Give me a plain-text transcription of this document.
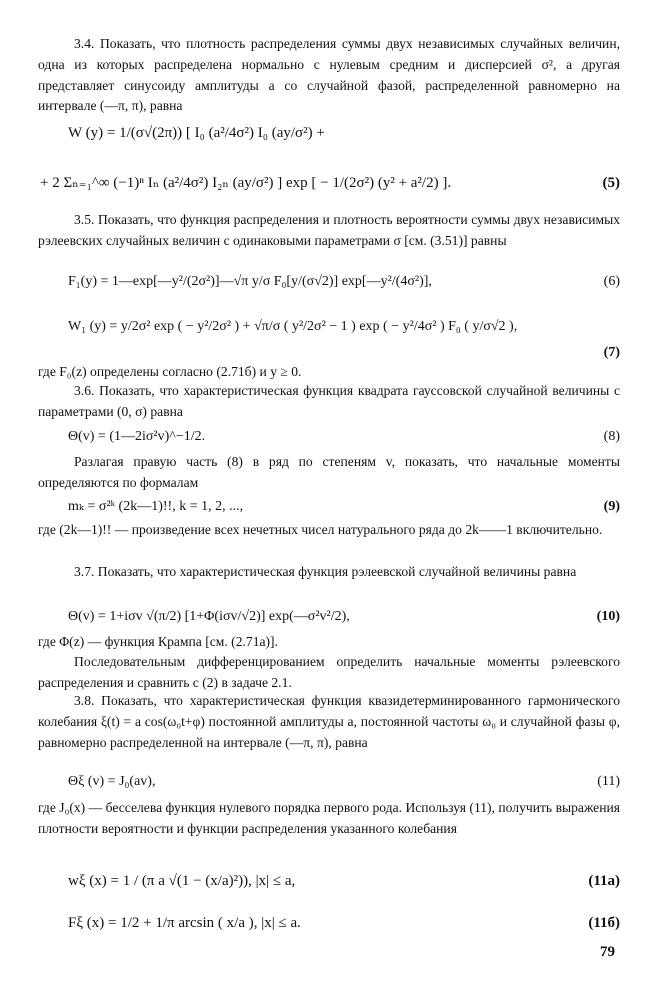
3.4. Показать, что плотность распределения суммы двух независимых случайных величин, одна из которых распределена нормально с нулевым средним и дисперсией σ², а другая представляет синусоиду амплитуды a со случайной фазой, распределенной равномерно на интервале (—π, π), равна
W (y) = 1/(σ√(2π)) [ I₀ (a²/4σ²) I₀ (ay/σ²) +
+ 2 Σₙ₌₁^∞ (−1)ⁿ Iₙ (a²/4σ²) I₂ₙ (ay/σ²) ] exp [ − 1/(2σ²) (y² + a²/2) ].	(5)
3.5. Показать, что функция распределения и плотность вероятности суммы двух независимых рэлеевских случайных величин с одинаковыми параметрами σ [см. (3.51)] равны
F₁(y) = 1—exp[—y²/(2σ²)]—√π y/σ F₀[y/(σ√2)] exp[—y²/(4σ²)],	(6)
W₁ (y) = y/2σ² exp ( − y²/2σ² ) + √π/σ ( y²/2σ² − 1 ) exp ( − y²/4σ² ) F₀ ( y/σ√2 ),
(7)
где F₀(z) определены согласно (2.71б) и y ≥ 0.
3.6. Показать, что характеристическая функция квадрата гауссовской случайной величины с параметрами (0, σ) равна
Θ(v) = (1—2iσ²v)^−1/2.	(8)
Разлагая правую часть (8) в ряд по степеням v, показать, что начальные моменты определяются по формалам
mₖ = σ²ᵏ (2k—1)!!, k = 1, 2, ...,	(9)
где (2k—1)!! — произведение всех нечетных чисел натурального ряда до 2k——1 включительно.
3.7. Показать, что характеристическая функция рэлеевской случайной величины равна
Θ(v) = 1+iσv √(π/2) [1+Φ(iσv/√2)] exp(—σ²v²/2),	(10)
где Φ(z) — функция Крампа [см. (2.71а)].
Последовательным дифференцированием определить начальные моменты рэлеевского распределения и сравнить с (2) в задаче 2.1.
3.8. Показать, что характеристическая функция квазидетерминированного гармонического колебания ξ(t) = a cos(ω₀t+φ) постоянной амплитуды a, постоянной частоты ω₀ и случайной фазы φ, равномерно распределенной на интервале (—π, π), равна
Θξ (v) = J₀(av),	(11)
где J₀(x) — бесселева функция нулевого порядка первого рода. Используя (11), получить выражения плотности вероятности и функции распределения указанного колебания
wξ (x) = 1 / (π a √(1 − (x/a)²)), |x| ≤ a,	(11а)
Fξ (x) = 1/2 + 1/π arcsin ( x/a ), |x| ≤ a.	(11б)
79
